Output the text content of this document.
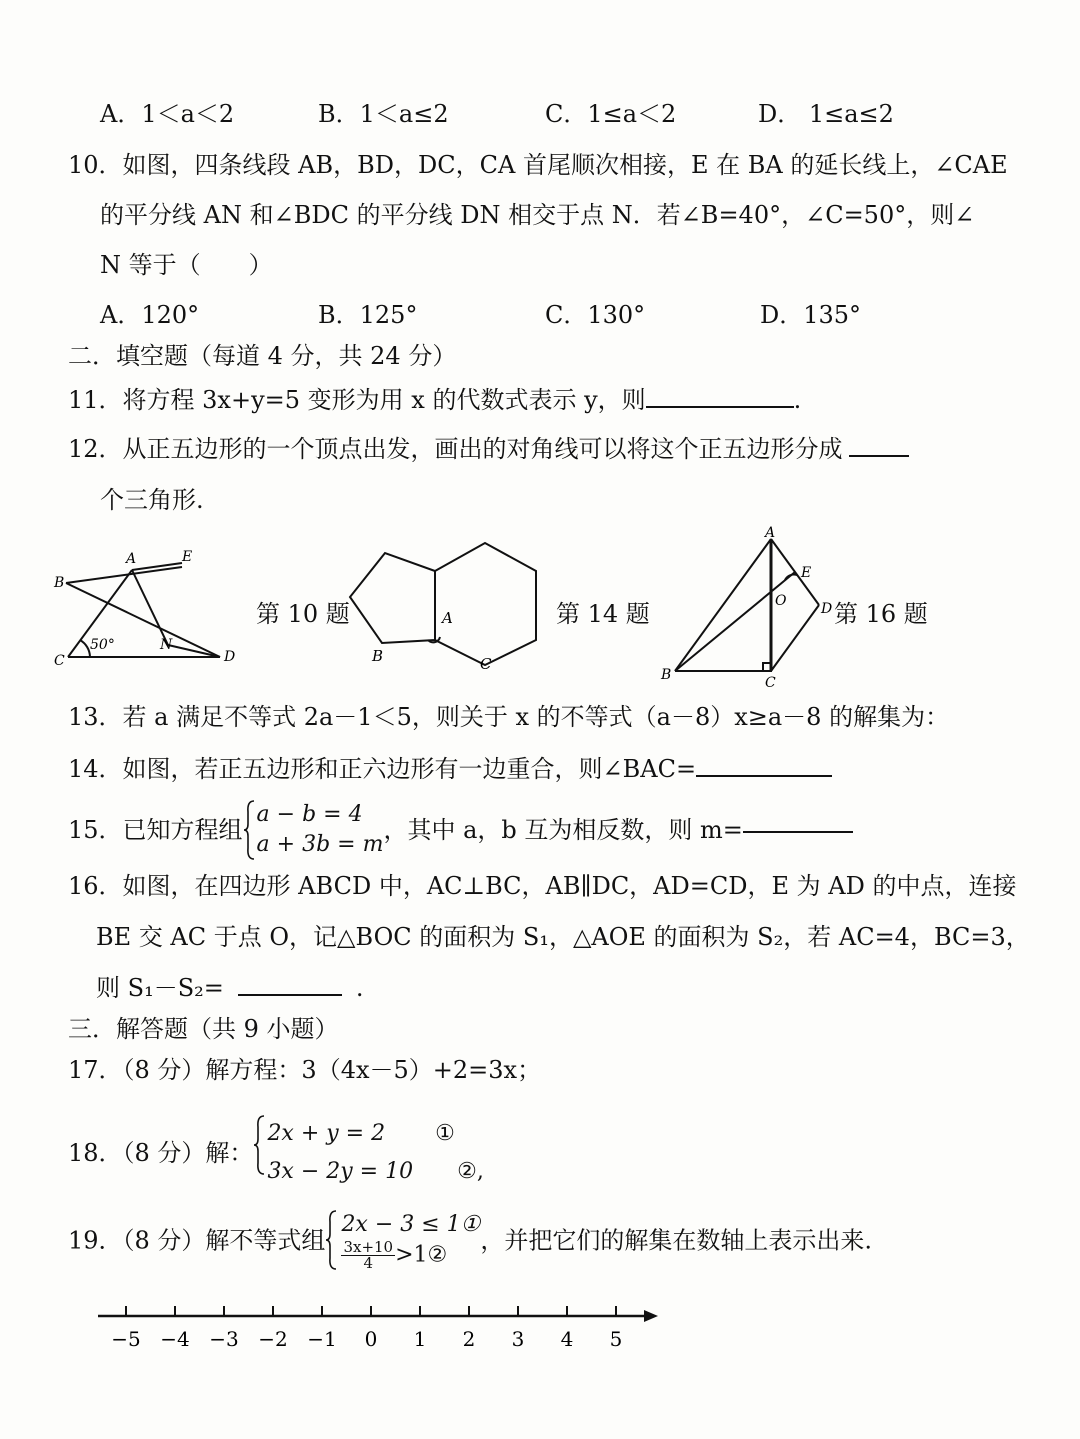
A．1＜a＜2	B．1＜a≤2	C．1≤a＜2	D． 1≤a≤2
10．如图，四条线段 AB，BD，DC，CA 首尾顺次相接，E 在 BA 的延长线上，∠CAE
的平分线 AN 和∠BDC 的平分线 DN 相交于点 N．若∠B=40°，∠C=50°，则∠
N 等于（　　）
A．120°	B．125°	C．130°	D．135°
二．填空题（每道 4 分，共 24 分）
11．将方程 3x+y=5 变形为用 x 的代数式表示 y，则	.
12．从正五边形的一个顶点出发，画出的对角线可以将这个正五边形分成
个三角形.
A	E
B
C	D
N
50°
第 10 题	A
B	C
第 14 题
A
B	C
D
E
O 第 16 题
13．若 a 满足不等式 2a－1＜5，则关于 x 的不等式（a－8）x≥a－8 的解集为：
14．如图，若正五边形和正六边形有一边重合，则∠BAC=
15．已知方程组
a − b = 4
a + 3b = m
，其中 a，b 互为相反数，则 m=
16．如图，在四边形 ABCD 中，AC⊥BC，AB∥DC，AD=CD，E 为 AD 的中点，连接
BE 交 AC 于点 O，记△BOC 的面积为 S₁，△AOE 的面积为 S₂，若 AC=4，BC=3，
则 S₁－S₂=	.
三．解答题（共 9 小题）
17．（8 分）解方程：3（4x－5）+2=3x；
18．（8 分）解：
2x + y = 2 ①
3x − 2y = 10 ②,
19．（8 分）解不等式组
2x − 3 ≤ 1①
$\frac{3x+10}{4}$ >1②
，并把它们的解集在数轴上表示出来.
−5 −4 −3 −2 −1 0 1 2 3 4 5
